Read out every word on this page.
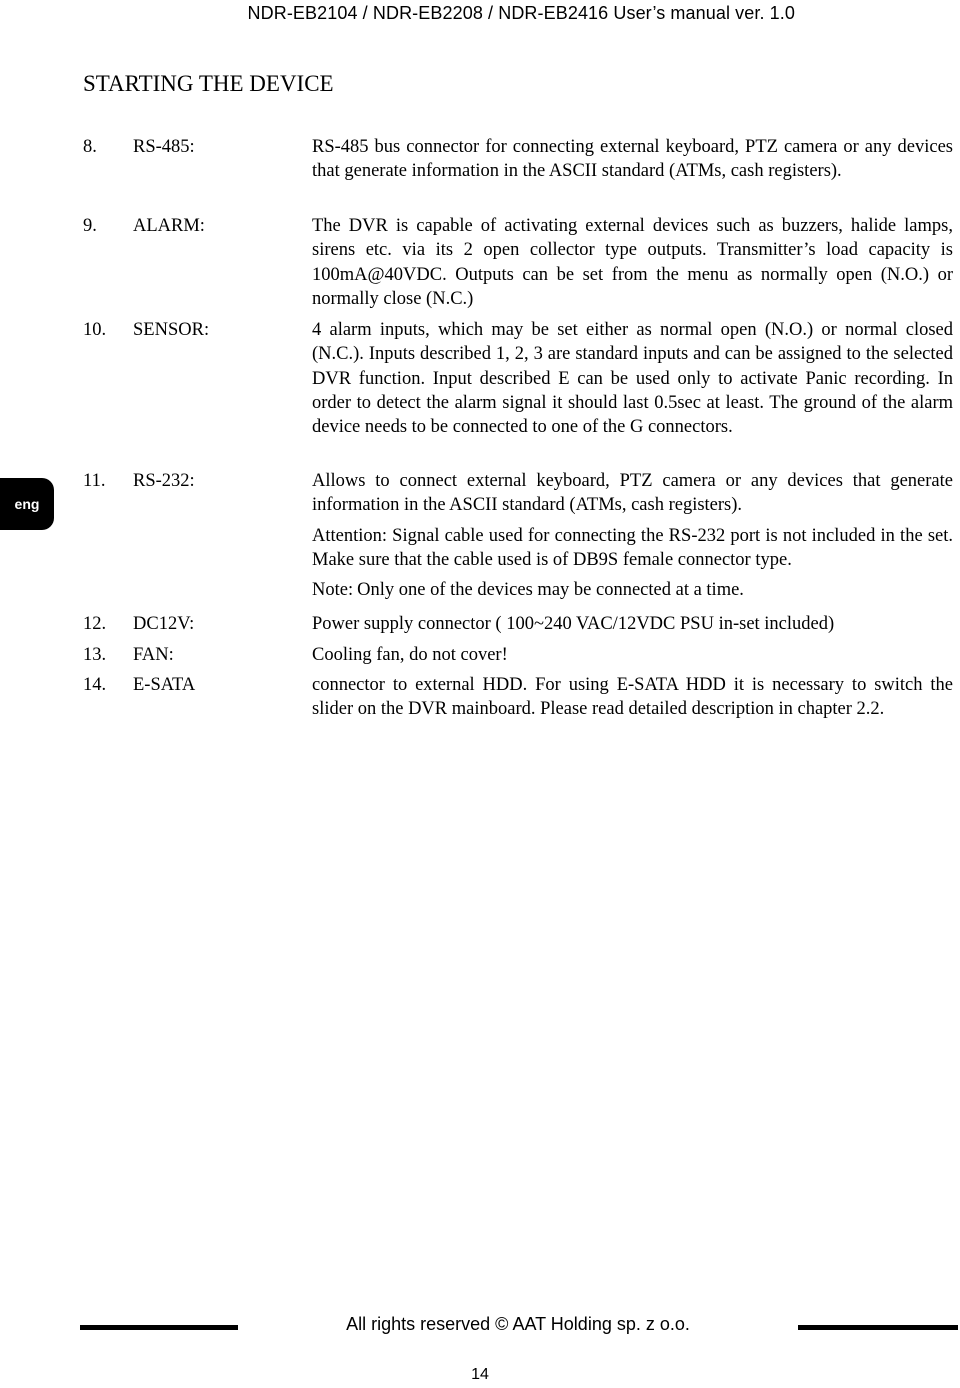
NDR-EB2104 / NDR-EB2208 / NDR-EB2416 User’s manual ver. 1.0
STARTING THE DEVICE
eng
8. RS-485:	RS-485 bus connector for connecting external keyboard, PTZ camera or any devices that generate information in the ASCII standard (ATMs, cash registers).

9. ALARM:	The DVR is capable of activating external devices such as buzzers, halide lamps, sirens etc. via its 2 open collector type outputs. Transmitter’s load capacity is 100mA@40VDC. Outputs can be set from the menu as normally open (N.O.) or normally close (N.C.)

10. SENSOR:	4 alarm inputs, which may be set either as normal open (N.O.) or normal closed (N.C.). Inputs described 1, 2, 3 are standard inputs and can be assigned to the selected DVR function. Input described E can be used only to activate Panic recording. In order to detect the alarm signal it should last 0.5sec at least. The ground of the alarm device needs to be connected to one of the G connectors.

11. RS-232:	Allows to connect external keyboard, PTZ camera or any devices that generate information in the ASCII standard (ATMs, cash registers).

Attention: Signal cable used for connecting the RS-232 port is not included in the set. Make sure that the cable used is of DB9S female connector type.

Note: Only one of the devices may be connected at a time.

12. DC12V:	Power supply connector ( 100~240 VAC/12VDC PSU in-set included)

13. FAN:	Cooling fan, do not cover!

14. E-SATA	connector to external HDD. For using E-SATA HDD it is necessary to switch the slider on the DVR mainboard. Please read detailed description in chapter 2.2.

All rights reserved © AAT Holding sp. z o.o.
14
